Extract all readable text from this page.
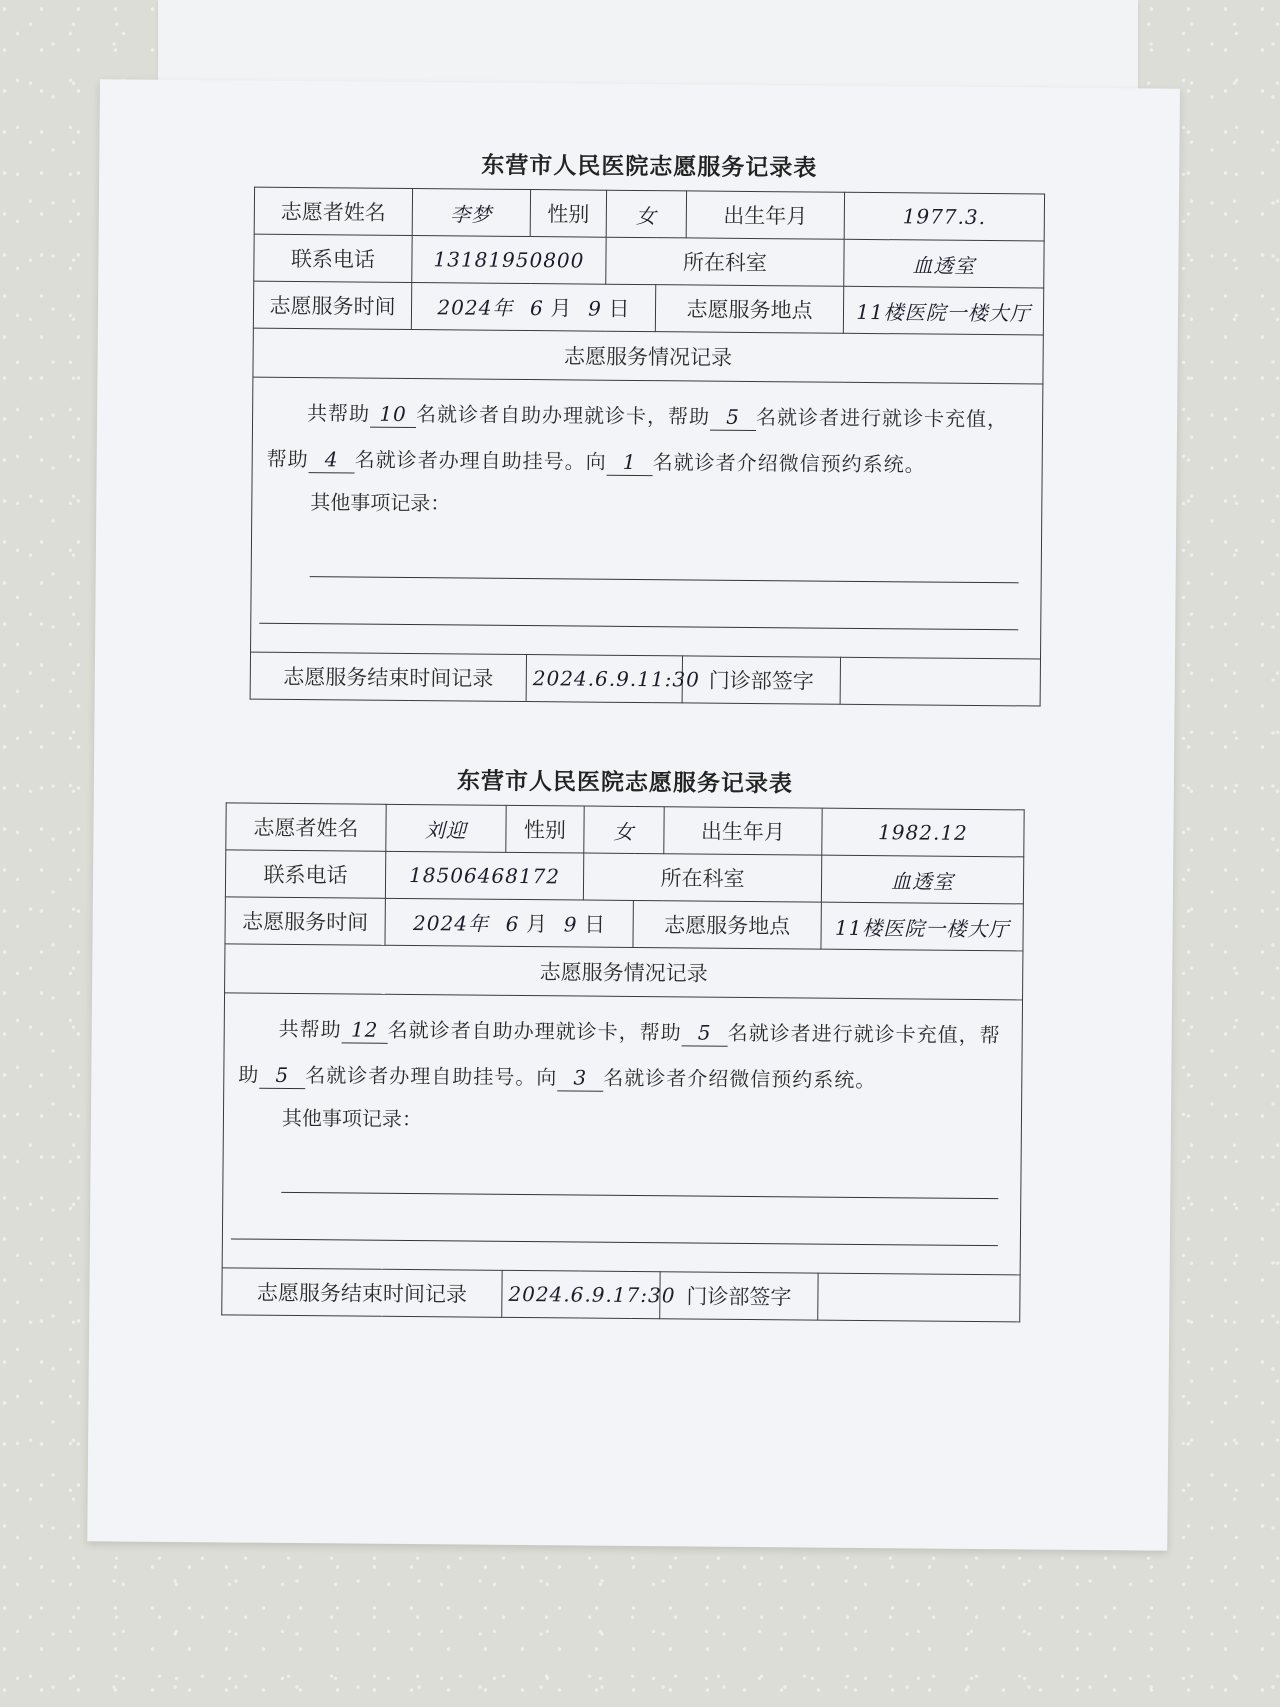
东营市人民医院志愿服务记录表
志愿者姓名	李梦	性别	女		出生年月	1977.3.
联系电话	13181950800		所在科室			血透室
志愿服务时间	2024年 6 月 9 日			志愿服务地点		11楼医院一楼大厅
志愿服务情况记录						

共帮助 10 名就诊者自助办理就诊卡，帮助 5 名就诊者进行就诊卡充值，帮助 4 名就诊者办理自助挂号。向 1 名就诊者介绍微信预约系统。
其他事项记录：						

志愿服务结束时间记录		2024.6.9.11:30			门诊部签字	
东营市人民医院志愿服务记录表
志愿者姓名	刘迎	性别	女		出生年月	1982.12
联系电话	18506468172		所在科室			血透室
志愿服务时间	2024年 6 月 9 日			志愿服务地点		11楼医院一楼大厅
志愿服务情况记录						

共帮助 12 名就诊者自助办理就诊卡，帮助 5 名就诊者进行就诊卡充值，帮助 5 名就诊者办理自助挂号。向 3 名就诊者介绍微信预约系统。
其他事项记录：						

志愿服务结束时间记录		2024.6.9.17:30			门诊部签字	
